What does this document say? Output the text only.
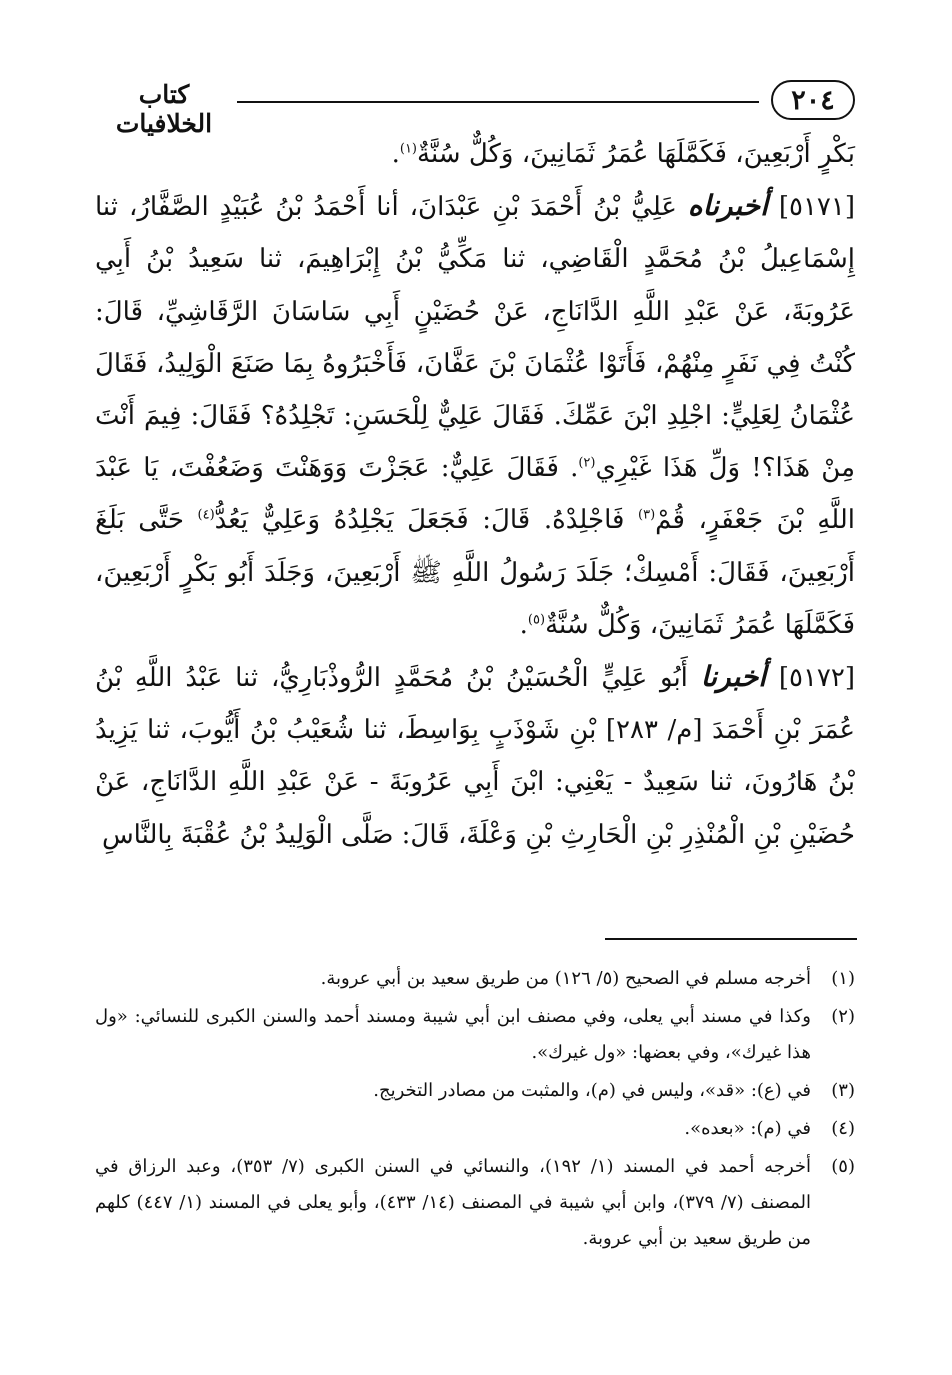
٢٠٤
كتاب الخلافيات

بَكْرٍ أَرْبَعِينَ، فَكَمَّلَهَا عُمَرُ ثَمَانِينَ، وَكُلٌّ سُنَّةٌ$^{(١)}$.

[٥١٧١] أخبرناه عَلِيُّ بْنُ أَحْمَدَ بْنِ عَبْدَانَ، أنا أَحْمَدُ بْنُ عُبَيْدٍ الصَّفَّارُ، ثنا إِسْمَاعِيلُ بْنُ مُحَمَّدٍ الْقَاضِي، ثنا مَكِّيُّ بْنُ إِبْرَاهِيمَ، ثنا سَعِيدُ بْنُ أَبِي عَرُوبَةَ، عَنْ عَبْدِ اللَّهِ الدَّانَاجِ، عَنْ حُضَيْنٍ أَبِي سَاسَانَ الرَّقَاشِيِّ، قَالَ: كُنْتُ فِي نَفَرٍ مِنْهُمْ، فَأَتَوْا عُثْمَانَ بْنَ عَفَّانَ، فَأَخْبَرُوهُ بِمَا صَنَعَ الْوَلِيدُ، فَقَالَ عُثْمَانُ لِعَلِيٍّ: اجْلِدِ ابْنَ عَمِّكَ. فَقَالَ عَلِيٌّ لِلْحَسَنِ: تَجْلِدُهُ؟ فَقَالَ: فِيمَ أَنْتَ مِنْ هَذَا؟! وَلِّ هَذَا غَيْرِي$^{(٢)}$. فَقَالَ عَلِيٌّ: عَجَزْتَ وَوَهَنْتَ وَضَعُفْتَ، يَا عَبْدَ اللَّهِ بْنَ جَعْفَرٍ، قُمْ$^{(٣)}$ فَاجْلِدْهُ. قَالَ: فَجَعَلَ يَجْلِدُهُ وَعَلِيٌّ يَعُدُّ$^{(٤)}$ حَتَّى بَلَغَ أَرْبَعِينَ، فَقَالَ: أَمْسِكْ؛ جَلَدَ رَسُولُ اللَّهِ ﷺ أَرْبَعِينَ، وَجَلَدَ أَبُو بَكْرٍ أَرْبَعِينَ، فَكَمَّلَهَا عُمَرُ ثَمَانِينَ، وَكُلٌّ سُنَّةٌ$^{(٥)}$.

[٥١٧٢] أخبرنا أَبُو عَلِيٍّ الْحُسَيْنُ بْنُ مُحَمَّدٍ الرُّوذْبَارِيُّ، ثنا عَبْدُ اللَّهِ بْنُ عُمَرَ بْنِ أَحْمَدَ [م/ ٢٨٣] بْنِ شَوْذَبٍ بِوَاسِطَ، ثنا شُعَيْبُ بْنُ أَيُّوبَ، ثنا يَزِيدُ بْنُ هَارُونَ، ثنا سَعِيدٌ - يَعْنِي: ابْنَ أَبِي عَرُوبَةَ - عَنْ عَبْدِ اللَّهِ الدَّانَاجِ، عَنْ حُضَيْنِ بْنِ الْمُنْذِرِ بْنِ الْحَارِثِ بْنِ وَعْلَةَ، قَالَ: صَلَّى الْوَلِيدُ بْنُ عُقْبَةَ بِالنَّاسِ

(١)
أخرجه مسلم في الصحيح (٥/ ١٢٦) من طريق سعيد بن أبي عروبة.
(٢)
وكذا في مسند أبي يعلى، وفي مصنف ابن أبي شيبة ومسند أحمد والسنن الكبرى للنسائي: «ول هذا غيرك»، وفي بعضها: «ول غيرك».
(٣)
في (ع): «قد»، وليس في (م)، والمثبت من مصادر التخريج.
(٤)
في (م): «بعده».
(٥)
أخرجه أحمد في المسند (١/ ١٩٢)، والنسائي في السنن الكبرى (٧/ ٣٥٣)، وعبد الرزاق في المصنف (٧/ ٣٧٩)، وابن أبي شيبة في المصنف (١٤/ ٤٣٣)، وأبو يعلى في المسند (١/ ٤٤٧) كلهم من طريق سعيد بن أبي عروبة.
